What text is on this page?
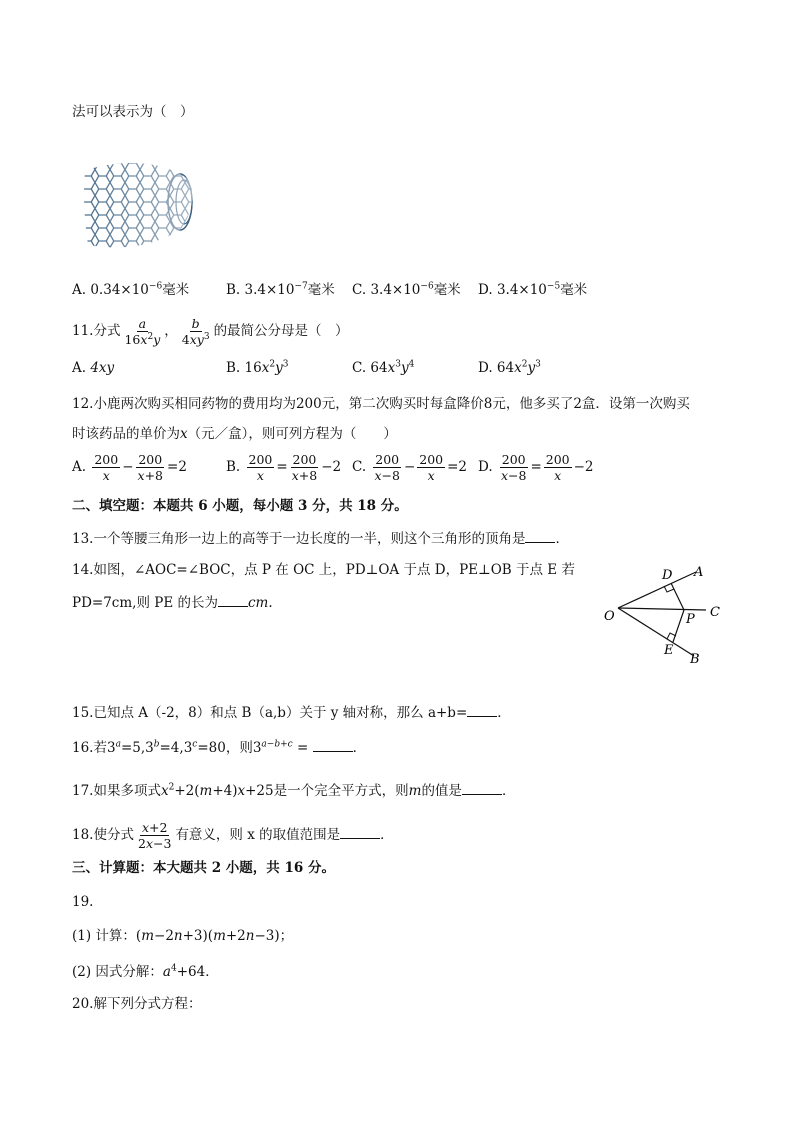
法可以表示为（　）
A. $0.34\times 10^{-6}$毫米	B. $3.4\times 10^{-7}$毫米 C. $3.4\times 10^{-6}$毫米 D. $3.4\times 10^{-5}$毫米
11.分式 $\frac{a}{16x^2y}$ ， $\frac{b}{4xy^3}$ 的最简公分母是（　）
A. 4xy	B. $16x^2y^3$	C. $64x^3y^4$	D. $64x^2y^3$
12.小鹿两次购买相同药物的费用均为200元，第二次购买时每盒降价8元，他多买了2盒．设第一次购买
时该药品的单价为x（元／盒），则可列方程为（　　）
A. $\frac{200}{x} - \frac{200}{x+8} =2$	B. $\frac{200}{x} = \frac{200}{x+8} -2$ C. $\frac{200}{x-8} - \frac{200}{x} =2$ D. $\frac{200}{x-8} = \frac{200}{x} -2$
二、填空题：本题共 6 小题，每小题 3 分，共 18 分。
13.一个等腰三角形一边上的高等于一边长度的一半，则这个三角形的顶角是 ．
14.如图，∠AOC=∠BOC，点 P 在 OC 上，PD⊥OA 于点 D，PE⊥OB 于点 E 若
PD=7cm,则 PE 的长为 cm.
O
D A
C
P
E
B
15.已知点 A（-2，8）和点 B（a,b）关于 y 轴对称，那么 a+b= ．
16.若$3^a=5,3^b=4,3^c=80$，则$3^{a-b+c}$ =	．
17.如果多项式$x^2+2(m+4)x+25$是一个完全平方式，则m的值是	．
18.使分式 $\frac{x+2}{2x-3}$ 有意义，则 x 的取值范围是	．
三、计算题：本大题共 2 小题，共 16 分。
19.
(1) 计算：(m−2n+3)(m+2n−3)；
(2) 因式分解：$a^4+64$．
20.解下列分式方程：
